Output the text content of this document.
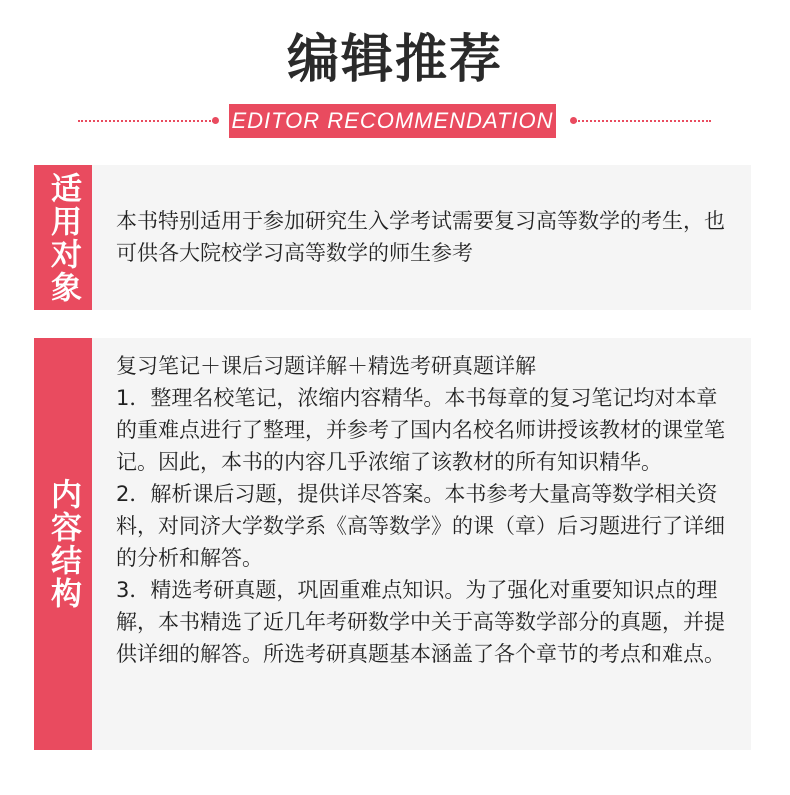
编辑推荐
EDITOR RECOMMENDATION
适用对象 本书特别适用于参加研究生入学考试需要复习高等数学的考生，也可供各大院校学习高等数学的师生参考

内容结构

复习笔记＋课后习题详解＋精选考研真题详解

1．整理名校笔记，浓缩内容精华。本书每章的复习笔记均对本章的重难点进行了整理，并参考了国内名校名师讲授该教材的课堂笔记。因此，本书的内容几乎浓缩了该教材的所有知识精华。

2．解析课后习题，提供详尽答案。本书参考大量高等数学相关资料，对同济大学数学系《高等数学》的课（章）后习题进行了详细的分析和解答。

3．精选考研真题，巩固重难点知识。为了强化对重要知识点的理解，本书精选了近几年考研数学中关于高等数学部分的真题，并提供详细的解答。所选考研真题基本涵盖了各个章节的考点和难点。
